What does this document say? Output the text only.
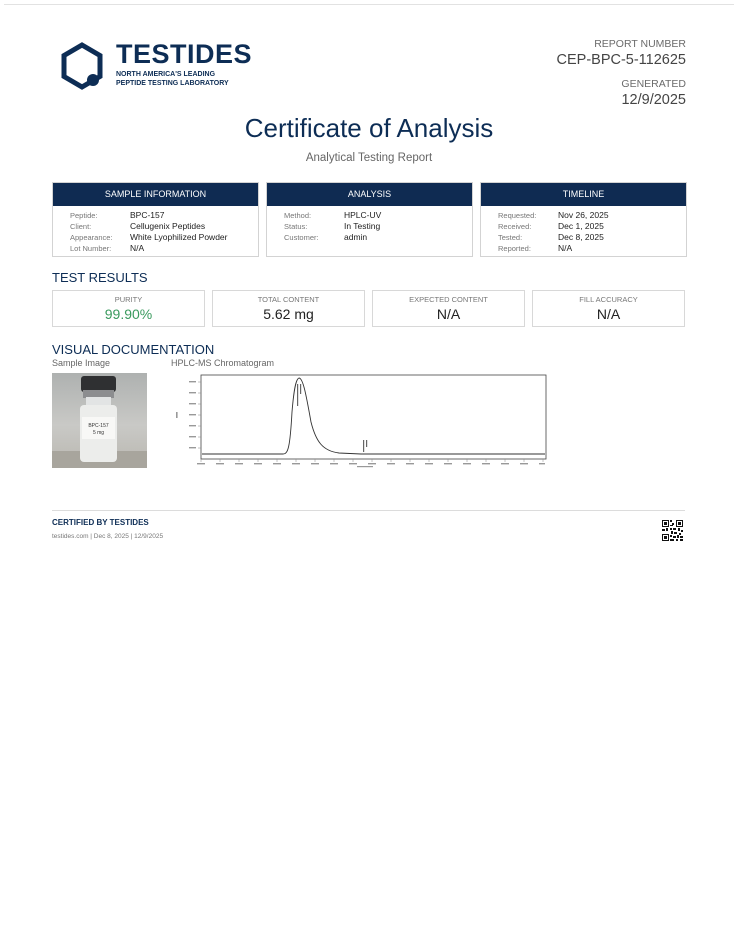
TESTIDES
NORTH AMERICA'S LEADING
PEPTIDE TESTING LABORATORY
REPORT NUMBER
CEP-BPC-5-112625
GENERATED
12/9/2025
Certificate of Analysis
Analytical Testing Report
SAMPLE INFORMATION
Peptide:	BPC-157
Client:	Cellugenix Peptides
Appearance:	White Lyophilized Powder
Lot Number:	N/A
ANALYSIS
Method:	HPLC-UV
Status:	In Testing
Customer:	admin
TIMELINE
Requested:	Nov 26, 2025
Received:	Dec 1, 2025
Tested:	Dec 8, 2025
Reported:	N/A
TEST RESULTS
PURITY
99.90%
TOTAL CONTENT
5.62 mg
EXPECTED CONTENT
N/A
FILL ACCURACY
N/A
VISUAL DOCUMENTATION
Sample Image	HPLC-MS Chromatogram
BPC-157
5 mg
CERTIFIED BY TESTIDES
testides.com | Dec 8, 2025 | 12/9/2025
